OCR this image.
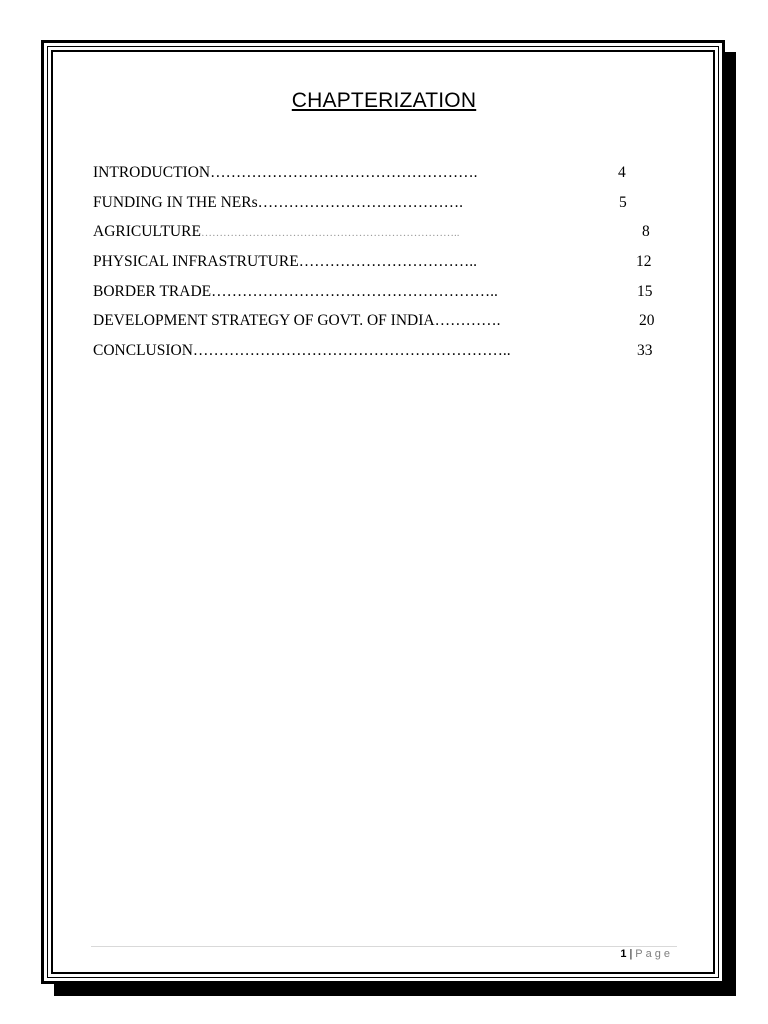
CHAPTERIZATION
INTRODUCTION…………………………………………….	4
FUNDING IN THE NERs………………………………….	5
AGRICULTURE……………………………………………………………..	8
PHYSICAL INFRASTRUTURE……………………………..	12
BORDER TRADE………………………………………………..	15
DEVELOPMENT STRATEGY OF GOVT. OF INDIA………….	20
CONCLUSION……………………………………………………..	33
1 | Page
